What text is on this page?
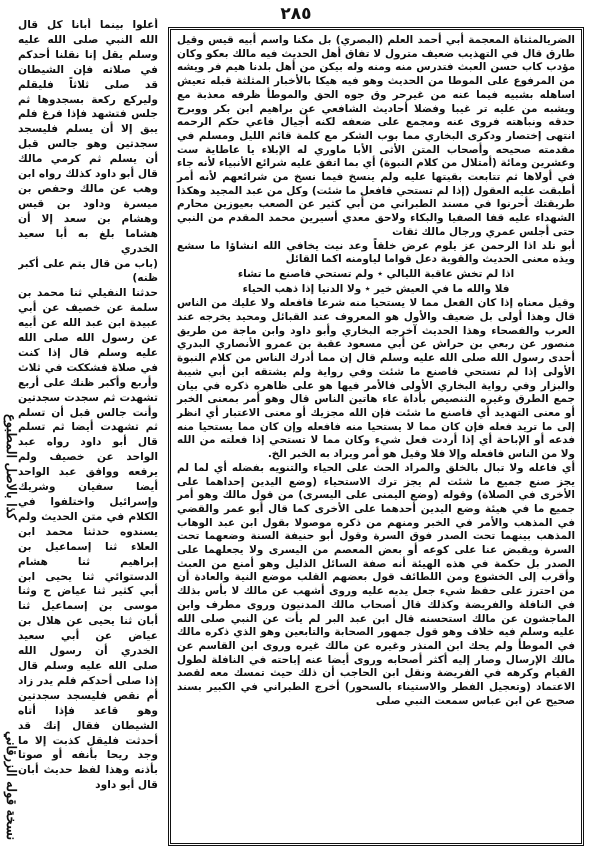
٢٨٥

الضريالمثناة المعجمة أبي أحمد العلم (البصري) بل مكنا واسم أبيه قيس وقيل طارق قال في التهذيب ضعيف مترول لا تفاق أهل الحديث فيه مالك بعكو وكان مؤدب كاب حسن العبث فتدرس منه ومنه وله بيكن من أهل بلدنا هيم فر ويشه من المرفوع على الموطا من الحديث وهو فيه هيكا بالأخبار المثلثة قبله تعيش اساهله بشبيه فيما عنه من غيرحر وق جوه الحق والموطأ ظرفه معذبة مع ويشبه من عليه تر غيبا وفضلا أحاديث الشافعي عن براهيم ابن بكر ووبرح حدقه ونباهته فروى عنه ومجمع على ضعفه لكنه أجيال فاعي حكم الرحمه انتهى إختصار ودكرى البخاري مما بوب الشكر مع كلمة قائم الليل ومسلم في مقدمته صحيحه وأصحاب المتن الأثى الأبا ماوري له الإبلاء يا عاطاية ست وعشرين ومائة (أمتلال من كلام النبوة) أي بما اتفق عليه شرائع الأنبياء لأنه جاء في أولاها ثم تتابعت بقيتها عليه ولم ينسخ فيما نسخ من شرائعهم لأنه أمر أطبقت عليه العقول (إذا لم تستحي فافعل ما شئت) وكل من عبد المجيد وهكذا طريقتك أحرنوا في مسند الطبراني من أبي كثير عن الصعب بعيوزين محارم الشهداء عليه قفا الصفيا والبكاء ولاحق معدي أسيرين محمد المقدم من النبي حتى أجلس عمري ورجال مالك ثقات

أبو نلد اذا الرحمن عز يلوم عرض خلقاً وعد نيت يخافي الله انشاؤا ما سشع ويذه معنى الحديث والقوية دعل قواما لياومنه اكما القائل

اذا لم تخش عاقبة الليالي ٭ ولم تستحي فاصنع ما تشاء
فلا والله ما في العيش خير ٭ ولا الدنيا إذا ذهب الحياء

وقيل معناه إذا كان الفعل مما لا يستحيا منه شرعا فافعله ولا عليك من الناس قال وهذا أولى بل ضعيف والأول هو المعروف عند القبائل ومحيد يخرجه عند العرب والفصحاء وهذا الحديث آخرجه البخاري وأبو داود وابن ماجة من طريق منصور عن ربعي بن حراش عن أبي مسعود عقبة بن عمرو الأنصاري البدري أحدى رسول الله صلى الله عليه وسلم قال إن مما أدرك الناس من كلام النبوة الأولى إذا لم تستحي فاصنع ما شئت وفي رواية ولم يشتقه ابن أبي شيبة والبزار وفي رواية البخاري الأولى فالأمر فيها هو على ظاهره ذكره في بيان جمع الطرق وغيره التنصيص بأداة عاء هاتين الناس قال وهو أمر بمعنى الخبر أو معنى التهديد أي فاصنع ما شئت فإن الله مجزيك أو معنى الاعتبار أي انظر إلى ما تريد فعله فإن كان مما لا يستحيا منه فافعله وإن كان مما يستحيا منه فدعه أو الإباحة أي إذا أردت فعل شيء وكان مما لا تستحي إذا فعلته من الله ولا من الناس فافعله وإلا فلا وقيل هو أمر ويراد به الخبر الخ.

أي فاعله ولا تبال بالخلق والمراد الحث على الحياء والتنويه بفضله أي لما لم يجز صنع جميع ما شئت لم يجز ترك الاستحياء (وضع اليدين إحداهما على الأخرى في الصلاة) وقوله (وضع اليمنى على اليسرى) من قول مالك وهو أمر جميع ما في هيئة وضع اليدين أحدهما على الأخرى كما قال أبو عمر والقضي في المذهب والأمر في الخبر ومنهم من ذكره موصولا بقول ابن عبد الوهاب المذهب بينهما تحت الصدر فوق السرة وقول أبو حنيفة السنة وضعهما تحت السرة ويقبض عنا على كوعه أو بعض المعصم من اليسرى ولا يجعلهما على الصدر بل حكمة في هذه الهيئة أنه صفة السائل الذليل وهو أمنع من العبث وأقرب إلى الخشوع ومن اللطائف قول بعضهم القلب موضع النية والعادة أن من احترز على حفظ شيء جعل يديه عليه وروى أشهب عن مالك لا بأس بذلك في النافلة والفريضة وكذلك قال أصحاب مالك المدنيون وروى مطرف وابن الماجشون عن مالك استحسنه قال ابن عبد البر لم يأت عن النبي صلى الله عليه وسلم فيه خلاف وهو قول جمهور الصحابة والتابعين وهو الذي ذكره مالك في الموطأ ولم يحك ابن المنذر وغيره عن مالك غيره وروى ابن القاسم عن مالك الإرسال وصار إليه أكثر أصحابه وروى أيضا عنه إباحته في النافلة لطول القيام وكرهه في الفريضة ونقل ابن الحاجب أن ذلك حيث تمسك معه لقصد الاعتماد (وتعجيل الفطر والاستيناء بالسحور) أخرج الطبراني في الكبير بسند صحيح عن ابن عباس سمعت النبي صلى

أعلوا بينما أبانا كل قال الله النبي صلى الله عليه وسلم يقل إنا نقلنا أحدكم في صلاته فإن الشيطان قد صلى ثلاثاً فليقلم وليركع ركعة بسجدوها ثم جلس فتشهد فإذا فرغ فلم يبق إلا أن يسلم فليسجد سجدتين وهو جالس قبل أن يسلم ثم كرمي مالك قال أبو داود كذلك رواه ابن وهب عن مالك وحفص بن ميسرة وداود بن قيس وهشام بن سعد إلا أن هشاما بلغ به أبا سعيد الخدري

(باب من قال يتم على أكبر ظنه)

حدثنا النفيلي ثنا محمد بن سلمة عن خصيف عن أبي عبيدة ابن عبد الله عن أبيه عن رسول الله صلى الله عليه وسلم قال إذا كنت في صلاة فشككت في ثلاث وأربع وأكبر ظنك على أربع تشهدت ثم سجدت سجدتين وأنت جالس قبل أن تسلم ثم تشهدت أيضا ثم تسلم قال أبو داود رواه عبد الواحد عن خصيف ولم يرفعه ووافق عبد الواحد أيضا سفيان وشريك وإسرائيل واختلفوا في الكلام في متن الحديث ولم يسندوه حدثنا محمد ابن العلاء ثنا إسماعيل بن إبراهيم ثنا هشام الدستوائي ثنا يحيى ابن أبي كثير ثنا عياض ح وثنا موسى بن إسماعيل ثنا أبان ثنا يحيى عن هلال بن عياض عن أبي سعيد الخدري أن رسول الله صلى الله عليه وسلم قال إذا صلى أحدكم فلم يدر زاد أم نقص فليسجد سجدتين وهو قاعد فإذا أتاه الشيطان فقال إنك قد أحدثت فليقل كذبت إلا ما وجد ريحا بأنفه أو صوتا بأذنه وهذا لفظ حديث أبان قال أبو داود

كذا بالاصل المطبوع
نسخة قوله الزرقاني
